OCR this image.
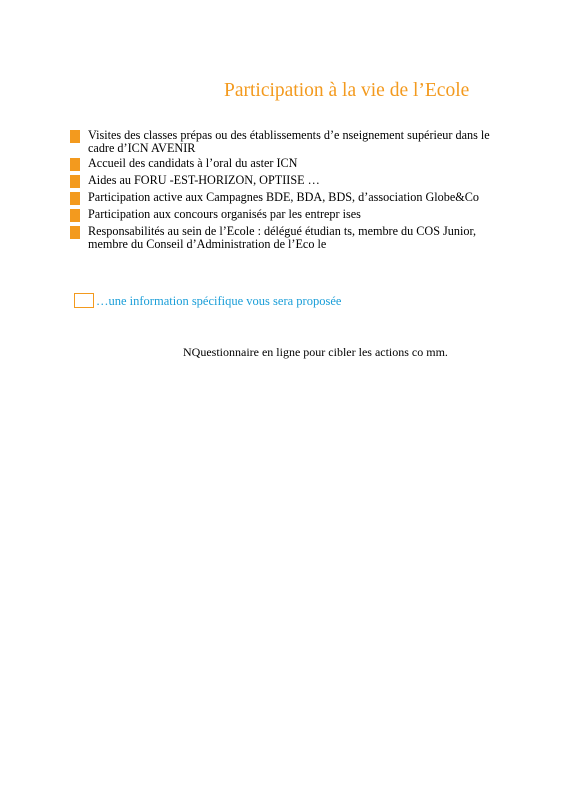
Participation à la vie de l’Ecole
Visites des classes prépas ou des établissements d’e nseignement supérieur dans le cadre d’ICN AVENIR
Accueil des candidats à l’oral du aster ICN
Aides au FORU -EST-HORIZON, OPTIISE …
Participation active aux Campagnes BDE, BDA, BDS, d’association Globe&Co
Participation aux concours organisés par les entrepr ises
Responsabilités au sein de l’Ecole : délégué étudian ts, membre du COS Junior, membre du Conseil d’Administration de l’Eco le
…une information spécifique vous sera proposée
NQuestionnaire en ligne pour cibler les actions co mm.
